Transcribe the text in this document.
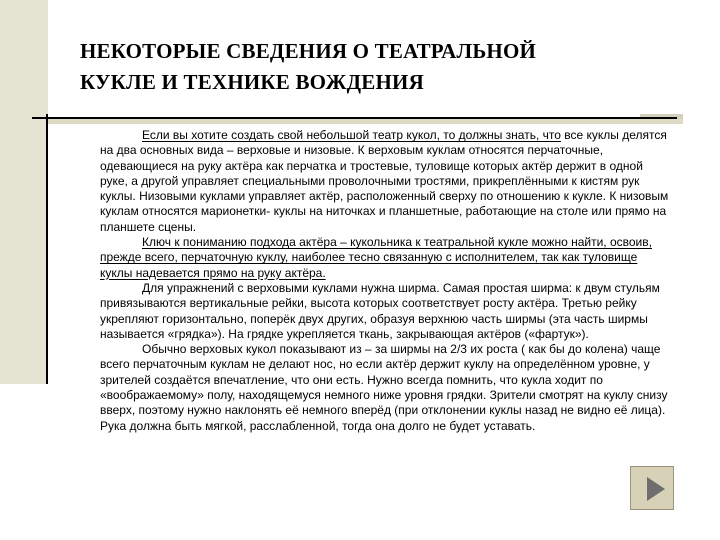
НЕКОТОРЫЕ СВЕДЕНИЯ О ТЕАТРАЛЬНОЙ
КУКЛЕ И ТЕХНИКЕ ВОЖДЕНИЯ

Если вы хотите создать свой небольшой театр кукол, то должны знать, что все куклы делятся на два основных вида – верховые и низовые. К верховым куклам относятся перчаточные, одевающиеся на руку актёра как перчатка и тростевые, туловище которых актёр держит в одной руке, а другой управляет специальными проволочными тростями, прикреплёнными к кистям рук куклы. Низовыми куклами управляет актёр, расположенный сверху по отношению к кукле. К низовым куклам относятся марионетки- куклы на ниточках и планшетные, работающие на столе или прямо на планшете сцены.

Ключ к пониманию подхода актёра – кукольника к театральной кукле можно найти, освоив, прежде всего, перчаточную куклу, наиболее тесно связанную с исполнителем, так как туловище куклы надевается прямо на руку актёра.

Для упражнений с верховыми куклами нужна ширма. Самая простая ширма: к двум стульям привязываются вертикальные рейки, высота которых соответствует росту актёра. Третью рейку укрепляют горизонтально, поперёк двух других, образуя верхнюю часть ширмы (эта часть ширмы называется «грядка»). На грядке укрепляется ткань, закрывающая актёров («фартук»).

Обычно верховых кукол показывают из – за ширмы на 2/3 их роста ( как бы до колена) чаще всего перчаточным куклам не делают нос, но если актёр держит куклу на определённом уровне, у зрителей создаётся впечатление, что они есть. Нужно всегда помнить, что кукла ходит по «воображаемому» полу, находящемуся немного ниже уровня грядки. Зрители смотрят на куклу снизу вверх, поэтому нужно наклонять её немного вперёд (при отклонении куклы назад не видно её лица). Рука должна быть мягкой, расслабленной, тогда она долго не будет уставать.
